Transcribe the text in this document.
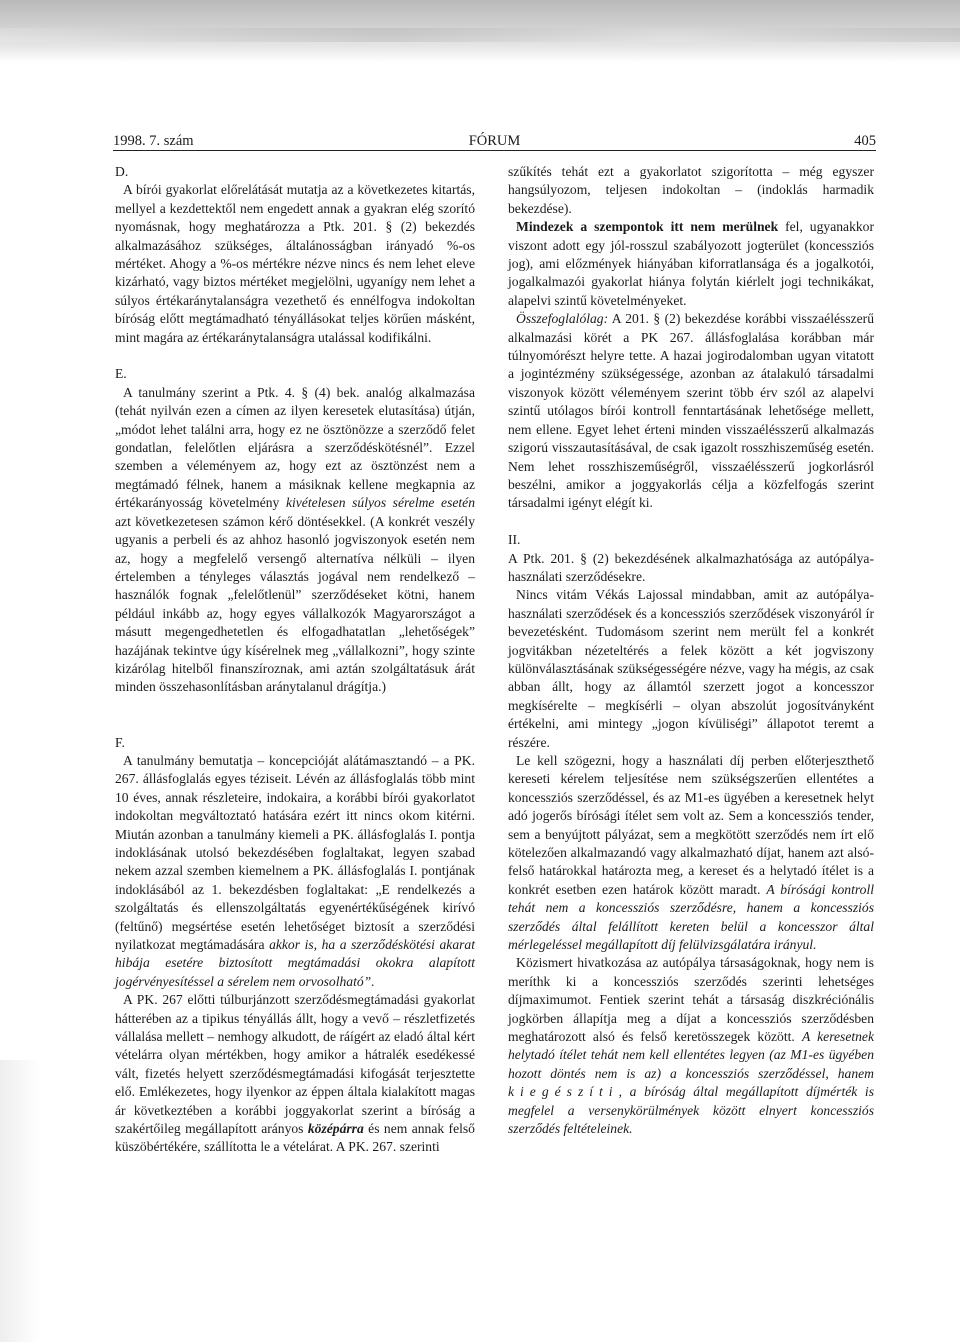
1998. 7. szám	FÓRUM	405

D.

A bírói gyakorlat előrelátását mutatja az a következetes kitartás, mellyel a kezdettektől nem engedett annak a gyakran elég szorító nyomásnak, hogy meghatározza a Ptk. 201. § (2) bekezdés alkalmazásához szükséges, általánosságban irányadó %-os mértéket. Ahogy a %-os mértékre nézve nincs és nem lehet eleve kizárható, vagy biztos mértéket megjelölni, ugyanígy nem lehet a súlyos értékaránytalanságra vezethető és ennélfogva indokoltan bíróság előtt megtámadható tényállásokat teljes körűen másként, mint magára az értékaránytalanságra utalással kodifikálni.

E.

A tanulmány szerint a Ptk. 4. § (4) bek. analóg alkalmazása (tehát nyilván ezen a címen az ilyen keresetek elutasítása) útján, „módot lehet találni arra, hogy ez ne ösztönözze a szerződő felet gondatlan, felelőtlen eljárásra a szerződéskötésnél”. Ezzel szemben a véleményem az, hogy ezt az ösztönzést nem a megtámadó félnek, hanem a másiknak kellene megkapnia az értékarányosság követelmény kivételesen súlyos sérelme esetén azt következetesen számon kérő döntésekkel. (A konkrét veszély ugyanis a perbeli és az ahhoz hasonló jogviszonyok esetén nem az, hogy a megfelelő versengő alternatíva nélküli – ilyen értelemben a tényleges választás jogával nem rendelkező – használók fognak „felelőtlenül” szerződéseket kötni, hanem például inkább az, hogy egyes vállalkozók Magyarországot a másutt megengedhetetlen és elfogadhatatlan „lehetőségek” hazájának tekintve úgy kísérelnek meg „vállalkozni”, hogy szinte kizárólag hitelből finanszíroznak, ami aztán szolgáltatásuk árát minden összehasonlításban aránytalanul drágítja.)

F.

A tanulmány bemutatja – koncepcióját alátámasztandó – a PK. 267. állásfoglalás egyes téziseit. Lévén az állásfoglalás több mint 10 éves, annak részleteire, indokaira, a korábbi bírói gyakorlatot indokoltan megváltoztató hatására ezért itt nincs okom kitérni. Miután azonban a tanulmány kiemeli a PK. állásfoglalás I. pontja indoklásának utolsó bekezdésében foglaltakat, legyen szabad nekem azzal szemben kiemelnem a PK. állásfoglalás I. pontjának indoklásából az 1. bekezdésben foglaltakat: „E rendelkezés a szolgáltatás és ellenszolgáltatás egyenértékűségének kirívó (feltűnő) megsértése esetén lehetőséget biztosít a szerződési nyilatkozat megtámadására akkor is, ha a szerződéskötési akarat hibája esetére biztosított megtámadási okokra alapított jogérvényesítéssel a sérelem nem orvosolható”.

A PK. 267 előtti túlburjánzott szerződésmegtámadási gyakorlat hátterében az a tipikus tényállás állt, hogy a vevő – részletfizetés vállalása mellett – nemhogy alkudott, de ráígért az eladó által kért vételárra olyan mértékben, hogy amikor a hátralék esedékessé vált, fizetés helyett szerződésmegtámadási kifogását terjesztette elő. Emlékezetes, hogy ilyenkor az éppen általa kialakított magas ár következtében a korábbi joggyakorlat szerint a bíróság a szakértőileg megállapított arányos középárra és nem annak felső küszöbértékére, szállította le a vételárat. A PK. 267. szerinti

szűkítés tehát ezt a gyakorlatot szigorította – még egyszer hangsúlyozom, teljesen indokoltan – (indoklás harmadik bekezdése).

Mindezek a szempontok itt nem merülnek fel, ugyanakkor viszont adott egy jól-rosszul szabályozott jogterület (koncessziós jog), ami előzmények hiányában kiforratlansága és a jogalkotói, jogalkalmazói gyakorlat hiánya folytán kiérlelt jogi technikákat, alapelvi szintű követelményeket.

Összefoglalólag: A 201. § (2) bekezdése korábbi visszaélésszerű alkalmazási körét a PK 267. állásfoglalása korábban már túlnyomórészt helyre tette. A hazai jogirodalomban ugyan vitatott a jogintézmény szükségessége, azonban az átalakuló társadalmi viszonyok között véleményem szerint több érv szól az alapelvi szintű utólagos bírói kontroll fenntartásának lehetősége mellett, nem ellene. Egyet lehet érteni minden visszaélésszerű alkalmazás szigorú visszautasításával, de csak igazolt rosszhiszeműség esetén. Nem lehet rosszhiszeműségről, visszaélésszerű jogkorlásról beszélni, amikor a joggyakorlás célja a közfelfogás szerint társadalmi igényt elégít ki.

II.

A Ptk. 201. § (2) bekezdésének alkalmazhatósága az autópálya-használati szerződésekre.

Nincs vitám Vékás Lajossal mindabban, amit az autópálya-használati szerződések és a koncessziós szerződések viszonyáról ír bevezetésként. Tudomásom szerint nem merült fel a konkrét jogvitákban nézeteltérés a felek között a két jogviszony különválasztásának szükségességére nézve, vagy ha mégis, az csak abban állt, hogy az államtól szerzett jogot a koncesszor megkísérelte – megkísérli – olyan abszolút jogosítványként értékelni, ami mintegy „jogon kívüliségi” állapotot teremt a részére.

Le kell szögezni, hogy a használati díj perben előterjeszthető kereseti kérelem teljesítése nem szükségszerűen ellentétes a koncessziós szerződéssel, és az M1-es ügyében a keresetnek helyt adó jogerős bírósági ítélet sem volt az. Sem a koncessziós tender, sem a benyújtott pályázat, sem a megkötött szerződés nem írt elő kötelezően alkalmazandó vagy alkalmazható díjat, hanem azt alsó-felső határokkal határozta meg, a kereset és a helytadó ítélet is a konkrét esetben ezen határok között maradt. A bírósági kontroll tehát nem a koncessziós szerződésre, hanem a koncessziós szerződés által felállított kereten belül a koncesszor által mérlegeléssel megállapított díj felülvizsgálatára irányul.

Közismert hivatkozása az autópálya társaságoknak, hogy nem is meríthk ki a koncessziós szerződés szerinti lehetséges díjmaximumot. Fentiek szerint tehát a társaság diszkréciónális jogkörben állapítja meg a díjat a koncessziós szerződésben meghatározott alsó és felső keretösszegek között. A keresetnek helytadó ítélet tehát nem kell ellentétes legyen (az M1-es ügyében hozott döntés nem is az) a koncessziós szerződéssel, hanem kiegészíti, a bíróság által megállapított díjmérték is megfelel a versenykörülmények között elnyert koncessziós szerződés feltételeinek.
